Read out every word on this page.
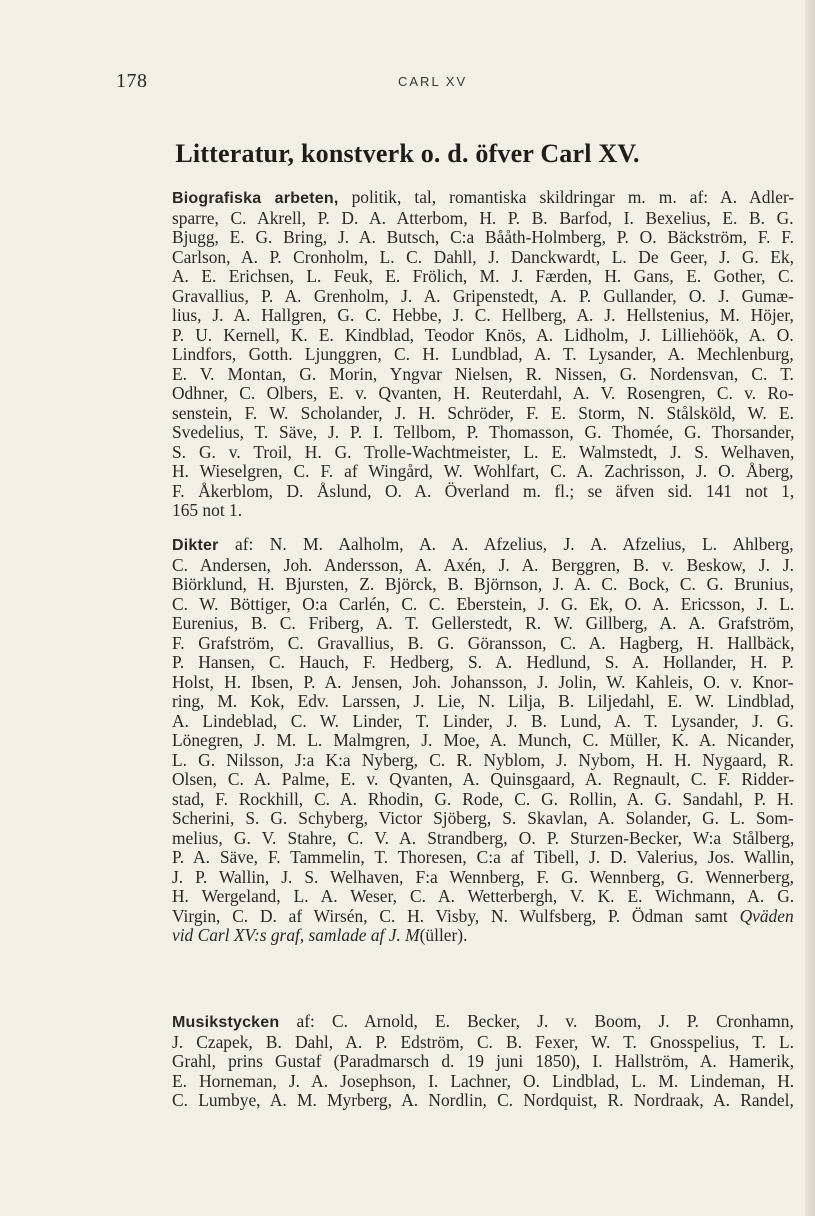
178	CARL XV
Litteratur, konstverk o. d. öfver Carl XV.
Biografiska arbeten, politik, tal, romantiska skildringar m. m. af: A. Adler-
sparre, C. Akrell, P. D. A. Atterbom, H. P. B. Barfod, I. Bexelius, E. B. G.
Bjugg, E. G. Bring, J. A. Butsch, C:a Bååth-Holmberg, P. O. Bäckström, F. F.
Carlson, A. P. Cronholm, L. C. Dahll, J. Danckwardt, L. De Geer, J. G. Ek,
A. E. Erichsen, L. Feuk, E. Frölich, M. J. Færden, H. Gans, E. Gother, C.
Gravallius, P. A. Grenholm, J. A. Gripenstedt, A. P. Gullander, O. J. Gumæ-
lius, J. A. Hallgren, G. C. Hebbe, J. C. Hellberg, A. J. Hellstenius, M. Höjer,
P. U. Kernell, K. E. Kindblad, Teodor Knös, A. Lidholm, J. Lilliehöök, A. O.
Lindfors, Gotth. Ljunggren, C. H. Lundblad, A. T. Lysander, A. Mechlenburg,
E. V. Montan, G. Morin, Yngvar Nielsen, R. Nissen, G. Nordensvan, C. T.
Odhner, C. Olbers, E. v. Qvanten, H. Reuterdahl, A. V. Rosengren, C. v. Ro-
senstein, F. W. Scholander, J. H. Schröder, F. E. Storm, N. Stålsköld, W. E.
Svedelius, T. Säve, J. P. I. Tellbom, P. Thomasson, G. Thomée, G. Thorsander,
S. G. v. Troil, H. G. Trolle-Wachtmeister, L. E. Walmstedt, J. S. Welhaven,
H. Wieselgren, C. F. af Wingård, W. Wohlfart, C. A. Zachrisson, J. O. Åberg,
F. Åkerblom, D. Åslund, O. A. Överland m. fl.; se äfven sid. 141 not 1,
165 not 1.
Dikter af: N. M. Aalholm, A. A. Afzelius, J. A. Afzelius, L. Ahlberg,
C. Andersen, Joh. Andersson, A. Axén, J. A. Berggren, B. v. Beskow, J. J.
Biörklund, H. Bjursten, Z. Björck, B. Björnson, J. A. C. Bock, C. G. Brunius,
C. W. Böttiger, O:a Carlén, C. C. Eberstein, J. G. Ek, O. A. Ericsson, J. L.
Eurenius, B. C. Friberg, A. T. Gellerstedt, R. W. Gillberg, A. A. Grafström,
F. Grafström, C. Gravallius, B. G. Göransson, C. A. Hagberg, H. Hallbäck,
P. Hansen, C. Hauch, F. Hedberg, S. A. Hedlund, S. A. Hollander, H. P.
Holst, H. Ibsen, P. A. Jensen, Joh. Johansson, J. Jolin, W. Kahleis, O. v. Knor-
ring, M. Kok, Edv. Larssen, J. Lie, N. Lilja, B. Liljedahl, E. W. Lindblad,
A. Lindeblad, C. W. Linder, T. Linder, J. B. Lund, A. T. Lysander, J. G.
Lönegren, J. M. L. Malmgren, J. Moe, A. Munch, C. Müller, K. A. Nicander,
L. G. Nilsson, J:a K:a Nyberg, C. R. Nyblom, J. Nybom, H. H. Nygaard, R.
Olsen, C. A. Palme, E. v. Qvanten, A. Quinsgaard, A. Regnault, C. F. Ridder-
stad, F. Rockhill, C. A. Rhodin, G. Rode, C. G. Rollin, A. G. Sandahl, P. H.
Scherini, S. G. Schyberg, Victor Sjöberg, S. Skavlan, A. Solander, G. L. Som-
melius, G. V. Stahre, C. V. A. Strandberg, O. P. Sturzen-Becker, W:a Stålberg,
P. A. Säve, F. Tammelin, T. Thoresen, C:a af Tibell, J. D. Valerius, Jos. Wallin,
J. P. Wallin, J. S. Welhaven, F:a Wennberg, F. G. Wennberg, G. Wennerberg,
H. Wergeland, L. A. Weser, C. A. Wetterbergh, V. K. E. Wichmann, A. G.
Virgin, C. D. af Wirsén, C. H. Visby, N. Wulfsberg, P. Ödman samt Qväden
vid Carl XV:s graf, samlade af J. M(üller).
Musikstycken af: C. Arnold, E. Becker, J. v. Boom, J. P. Cronhamn,
J. Czapek, B. Dahl, A. P. Edström, C. B. Fexer, W. T. Gnosspelius, T. L.
Grahl, prins Gustaf (Paradmarsch d. 19 juni 1850), I. Hallström, A. Hamerik,
E. Horneman, J. A. Josephson, I. Lachner, O. Lindblad, L. M. Lindeman, H.
C. Lumbye, A. M. Myrberg, A. Nordlin, C. Nordquist, R. Nordraak, A. Randel,
